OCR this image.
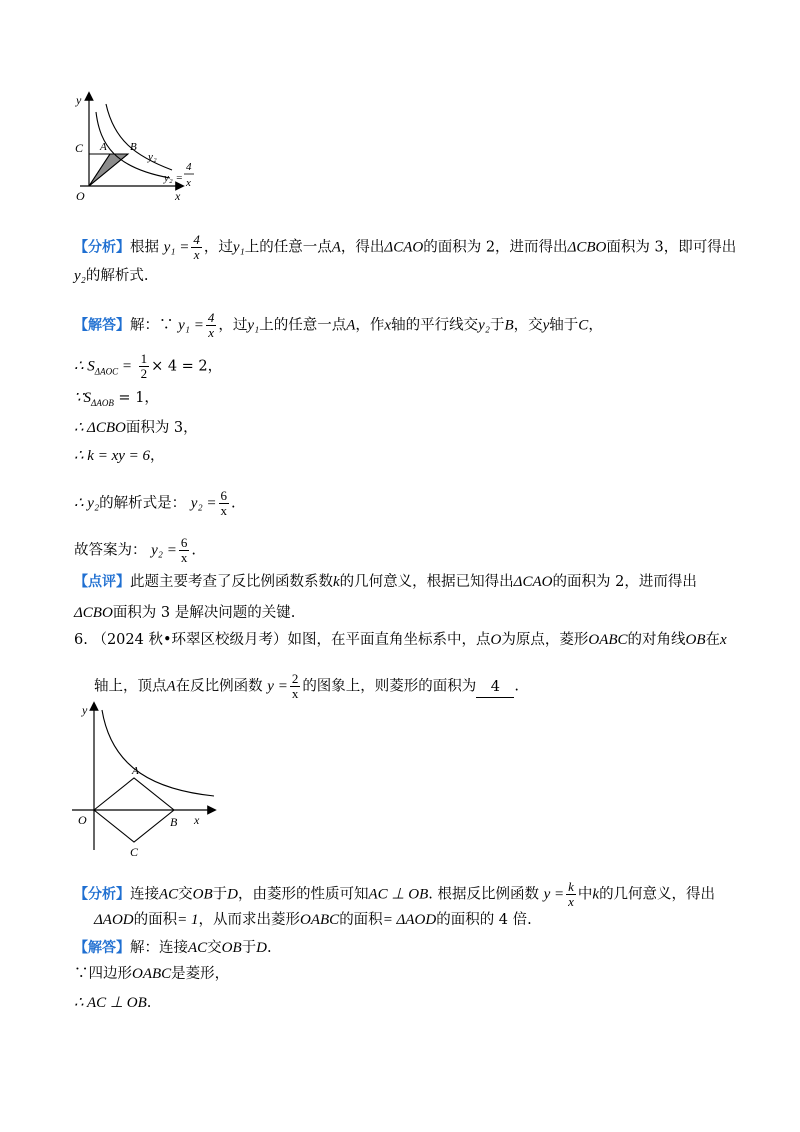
y
x
O
C A B
y₂
y₂ =
4
x
【分析】根据 $y_1 = \frac{4}{x}$ ，过y₁上的任意一点A，得出ΔCAO的面积为 2，进而得出ΔCBO面积为 3，即可得出
y₂的解析式.
【解答】解：∵ $y_1 = \frac{4}{x}$ ，过y₁上的任意一点A，作x轴的平行线交y₂于B，交y轴于C，
∴ $S_{\Delta AOC} = \frac{1}{2} \times 4 = 2$，
$\because S_{\Delta AOB} = 1$，
∴ ΔCBO面积为 3，
∴ k = xy = 6，
∴ y₂的解析式是： $y_2 = \frac{6}{x}$ .
故答案为： $y_2 = \frac{6}{x}$ .
【点评】此题主要考查了反比例函数系数k的几何意义，根据已知得出ΔCAO的面积为 2，进而得出
ΔCBO面积为 3 是解决问题的关键.
6. （2024 秋•环翠区校级月考）如图，在平面直角坐标系中，点O为原点，菱形OABC的对角线OB在x
轴上，顶点A在反比例函数 $y = \frac{2}{x}$ 的图象上，则菱形的面积为 4 .
y
x
O
A
B
C
【分析】连接AC交OB于D，由菱形的性质可知AC ⊥ OB. 根据反比例函数 $y = \frac{k}{x}$ 中k的几何意义，得出
ΔAOD的面积= 1，从而求出菱形OABC的面积= ΔAOD的面积的 4 倍.
【解答】解：连接AC交OB于D.
∵四边形OABC是菱形，
∴ AC ⊥ OB.
